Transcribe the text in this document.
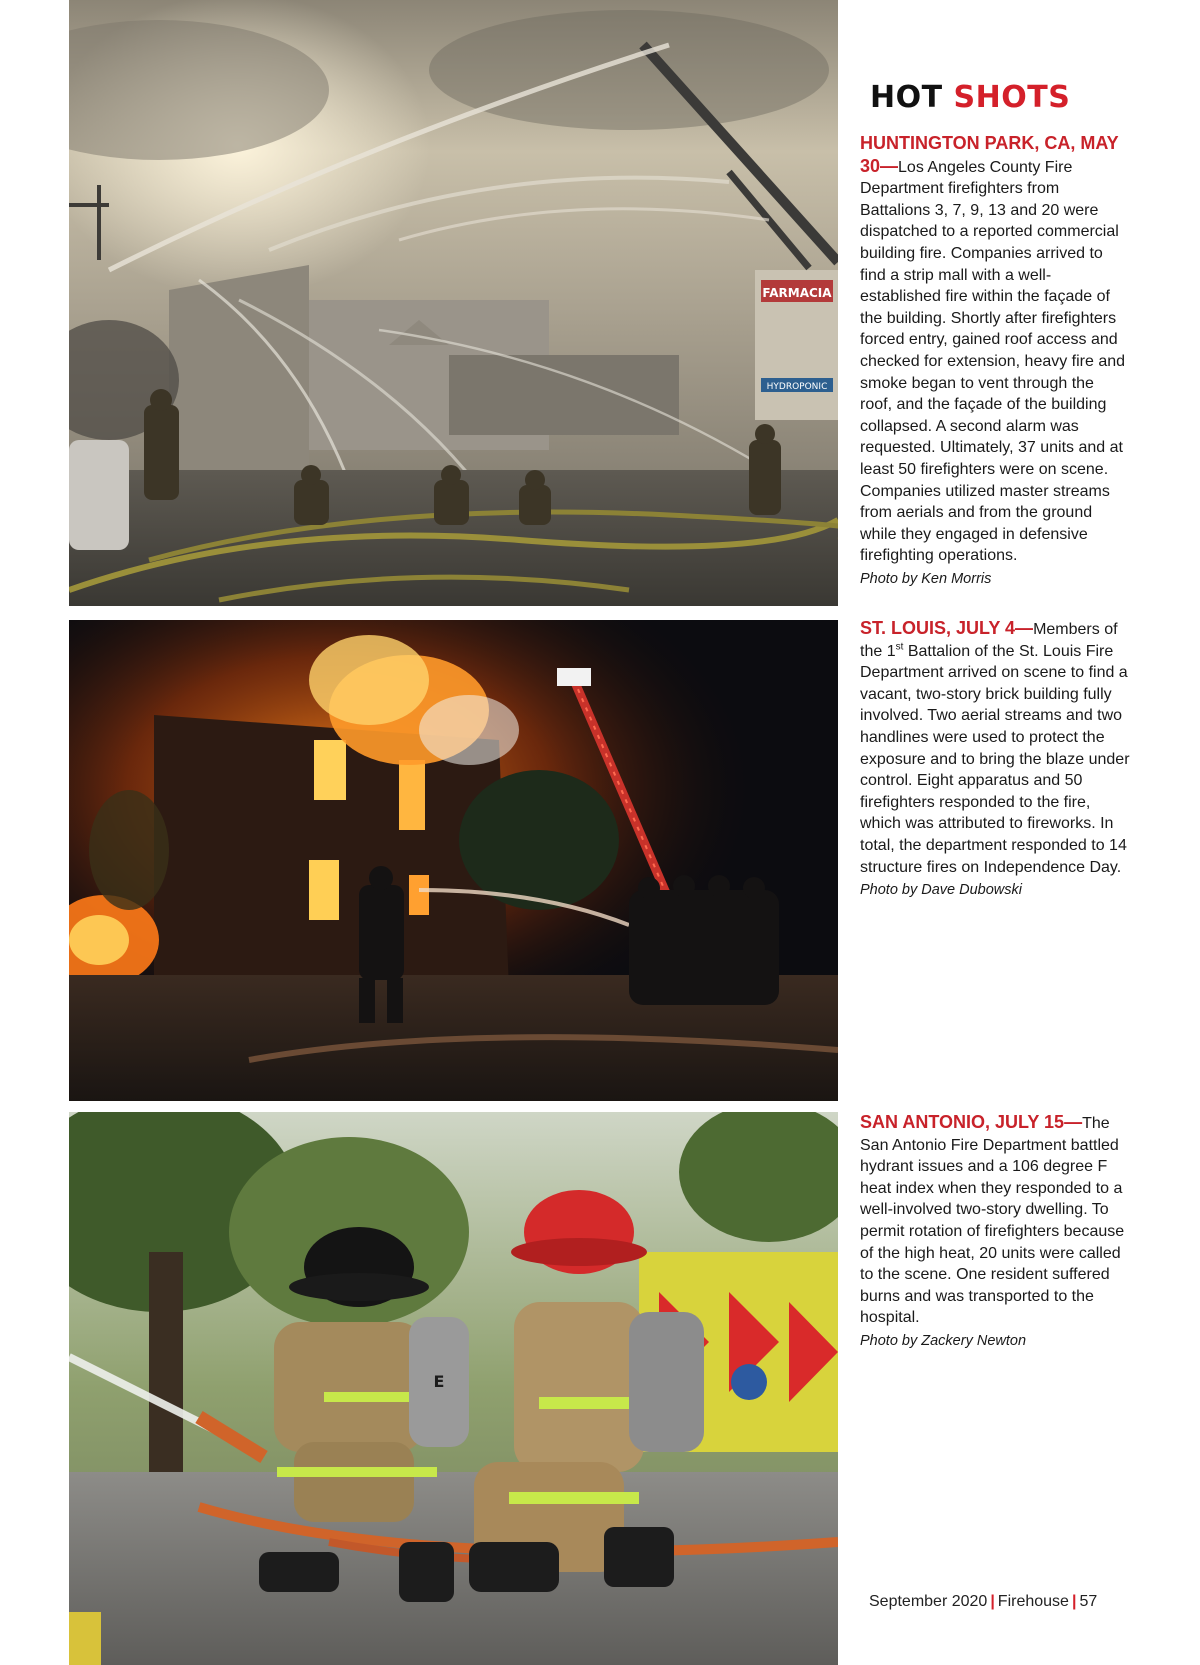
FARMACIA
HYDROPONIC
E
HOT SHOTS
HUNTINGTON PARK, CA, MAY 30—Los Angeles County Fire Department firefighters from Battalions 3, 7, 9, 13 and 20 were dispatched to a reported commercial building fire. Companies arrived to find a strip mall with a well-established fire within the façade of the building. Shortly after firefighters forced entry, gained roof access and checked for extension, heavy fire and smoke began to vent through the roof, and the façade of the building collapsed. A second alarm was requested. Ultimately, 37 units and at least 50 firefighters were on scene. Companies utilized master streams from aerials and from the ground while they engaged in defensive firefighting operations.
Photo by Ken Morris
ST. LOUIS, JULY 4—Members of the 1st Battalion of the St. Louis Fire Department arrived on scene to find a vacant, two-story brick building fully involved. Two aerial streams and two handlines were used to protect the exposure and to bring the blaze under control. Eight apparatus and 50 firefighters responded to the fire, which was attributed to fireworks. In total, the department responded to 14 structure fires on Independence Day.
Photo by Dave Dubowski
SAN ANTONIO, JULY 15—The San Antonio Fire Department battled hydrant issues and a 106 degree F heat index when they responded to a well-involved two-story dwelling. To permit rotation of firefighters because of the high heat, 20 units were called to the scene. One resident suffered burns and was transported to the hospital.
Photo by Zackery Newton
September 2020 | Firehouse | 57
